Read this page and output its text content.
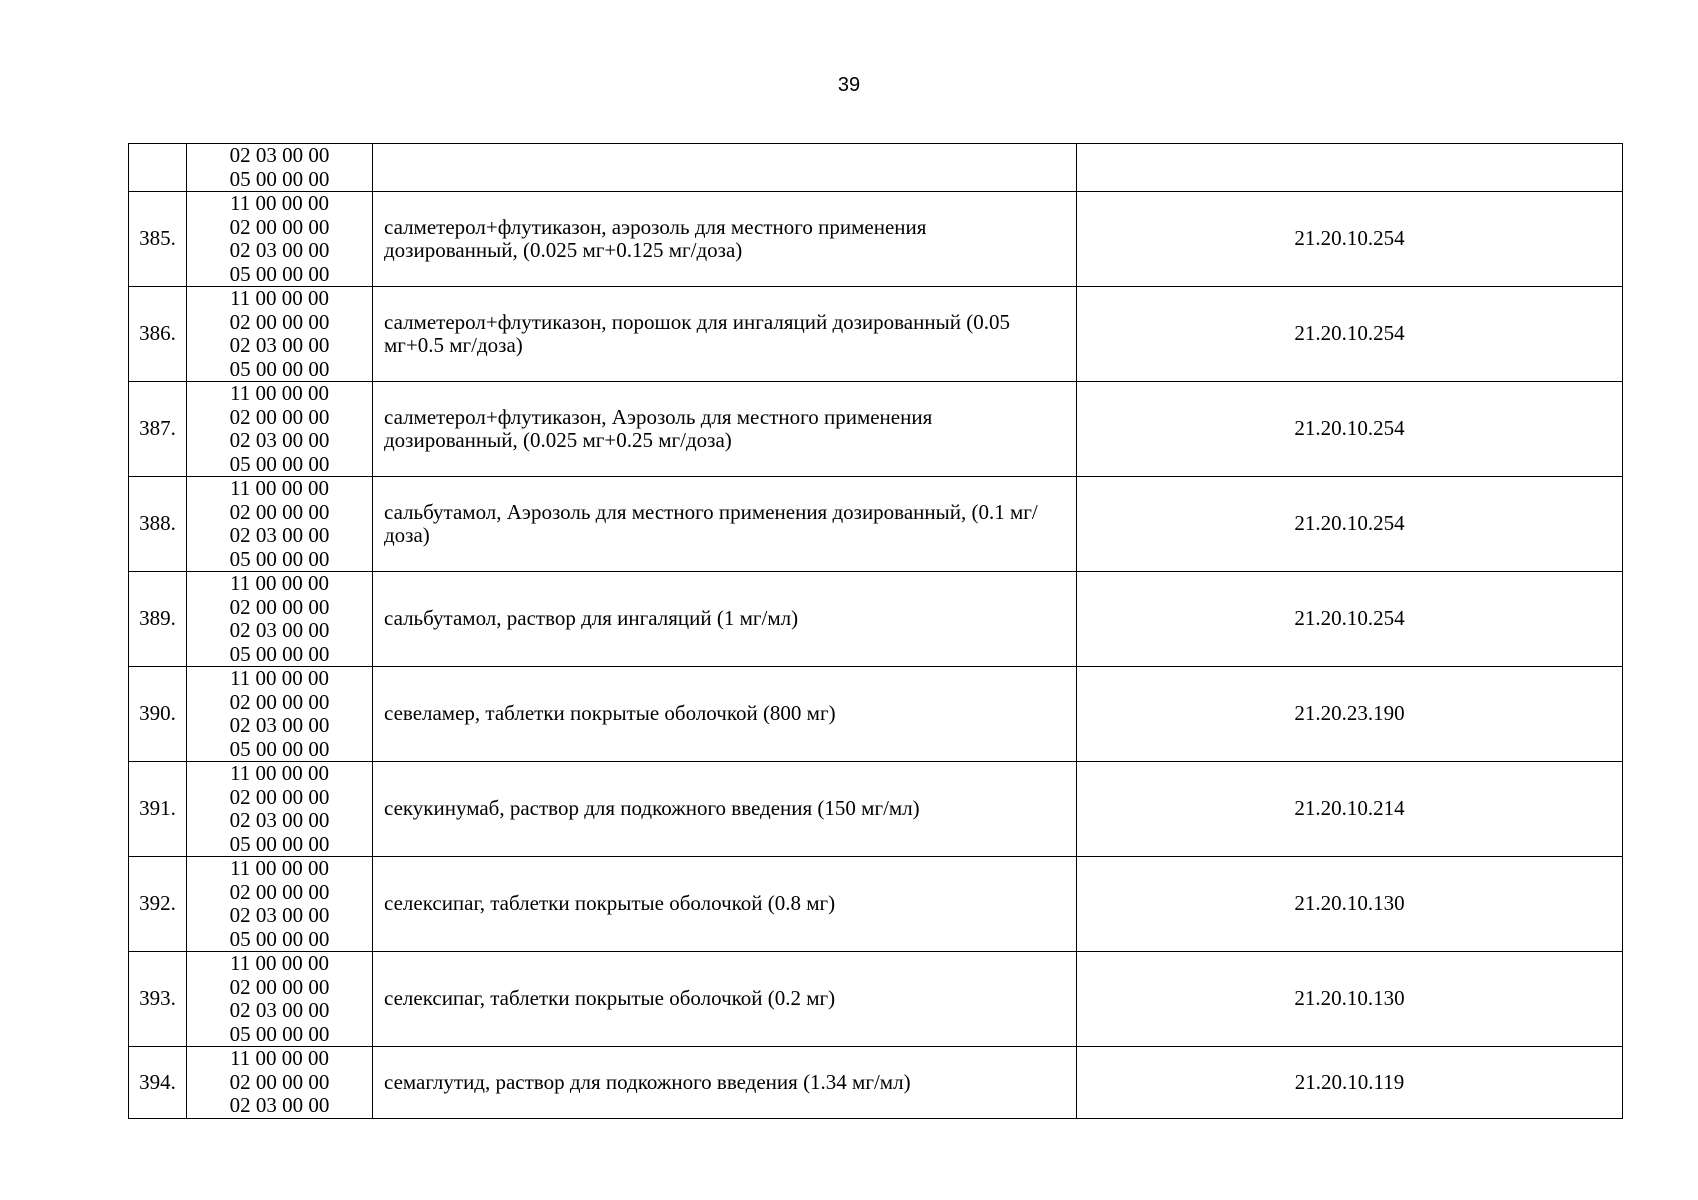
39

	02 03 00 00
05 00 00 00		

385.	11 00 00 00
02 00 00 00
02 03 00 00
05 00 00 00	салметерол+флутиказон, аэрозоль для местного применения дозированный, (0.025 мг+0.125 мг/доза)	21.20.10.254
386.	11 00 00 00
02 00 00 00
02 03 00 00
05 00 00 00	салметерол+флутиказон, порошок для ингаляций дозированный (0.05 мг+0.5 мг/доза)	21.20.10.254
387.	11 00 00 00
02 00 00 00
02 03 00 00
05 00 00 00	салметерол+флутиказон, Аэрозоль для местного применения дозированный, (0.025 мг+0.25 мг/доза)	21.20.10.254
388.	11 00 00 00
02 00 00 00
02 03 00 00
05 00 00 00	сальбутамол, Аэрозоль для местного применения дозированный, (0.1 мг/доза)	21.20.10.254
389.	11 00 00 00
02 00 00 00
02 03 00 00
05 00 00 00	сальбутамол, раствор для ингаляций (1 мг/мл)	21.20.10.254
390.	11 00 00 00
02 00 00 00
02 03 00 00
05 00 00 00	севеламер, таблетки покрытые оболочкой (800 мг)	21.20.23.190
391.	11 00 00 00
02 00 00 00
02 03 00 00
05 00 00 00	секукинумаб, раствор для подкожного введения (150 мг/мл)	21.20.10.214
392.	11 00 00 00
02 00 00 00
02 03 00 00
05 00 00 00	селексипаг, таблетки покрытые оболочкой (0.8 мг)	21.20.10.130
393.	11 00 00 00
02 00 00 00
02 03 00 00
05 00 00 00	селексипаг, таблетки покрытые оболочкой (0.2 мг)	21.20.10.130
394.	11 00 00 00
02 00 00 00
02 03 00 00	семаглутид, раствор для подкожного введения (1.34 мг/мл)	21.20.10.119
